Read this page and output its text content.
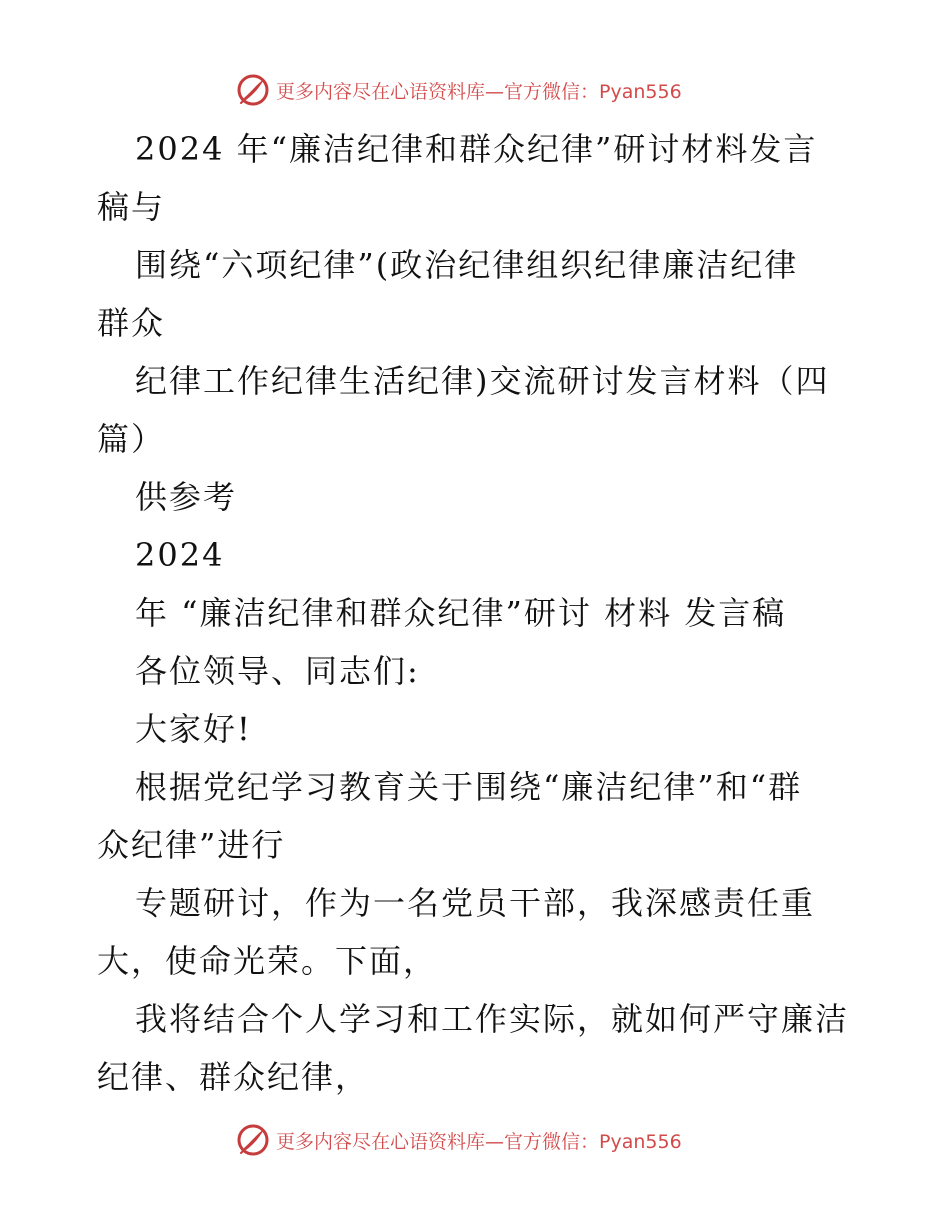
更多内容尽在心语资料库—官方微信：Pyan556
2024 年“廉洁纪律和群众纪律”研讨材料发言
稿与
围绕“六项纪律”(政治纪律组织纪律廉洁纪律
群众
纪律工作纪律生活纪律)交流研讨发言材料（四
篇）
供参考
2024
年 “廉洁纪律和群众纪律”研讨 材料 发言稿
各位领导、同志们:
大家好!
根据党纪学习教育关于围绕“廉洁纪律”和“群
众纪律”进行
专题研讨，作为一名党员干部，我深感责任重
大，使命光荣。下面，
我将结合个人学习和工作实际，就如何严守廉洁
纪律、群众纪律，
更多内容尽在心语资料库—官方微信：Pyan556
